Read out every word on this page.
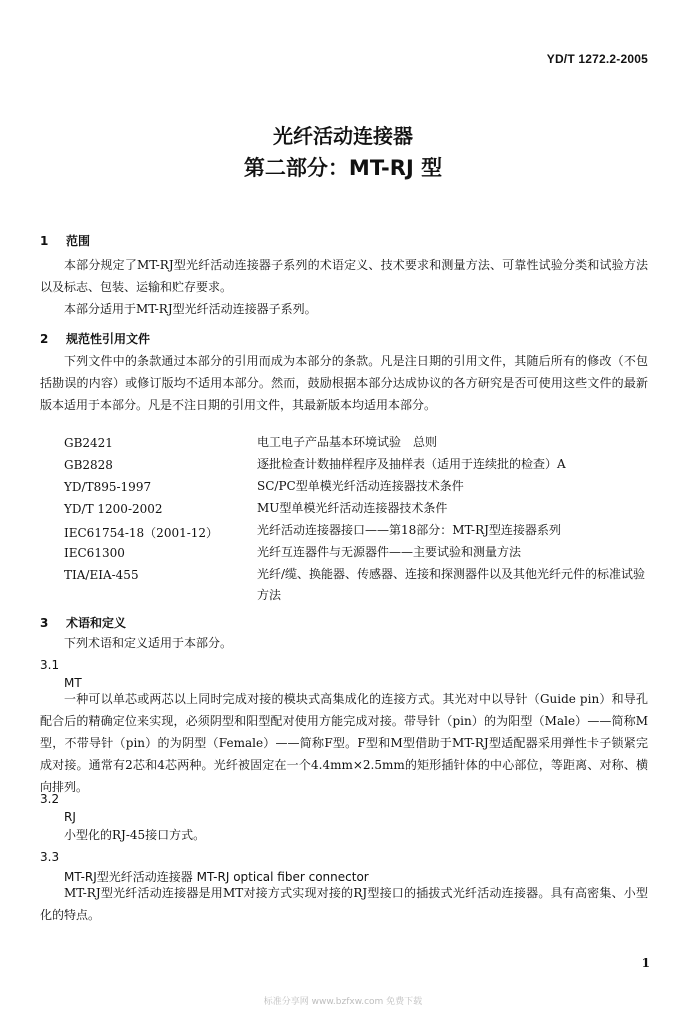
YD/T 1272.2-2005
光纤活动连接器
第二部分：MT-RJ 型
1 范围
本部分规定了MT-RJ型光纤活动连接器子系列的术语定义、技术要求和测量方法、可靠性试验分类和试验方法以及标志、包装、运输和贮存要求。
本部分适用于MT-RJ型光纤活动连接器子系列。
2 规范性引用文件
下列文件中的条款通过本部分的引用而成为本部分的条款。凡是注日期的引用文件，其随后所有的修改（不包括勘误的内容）或修订版均不适用本部分。然而，鼓励根据本部分达成协议的各方研究是否可使用这些文件的最新版本适用于本部分。凡是不注日期的引用文件，其最新版本均适用本部分。
GB2421	电工电子产品基本环境试验　总则
GB2828	逐批检查计数抽样程序及抽样表（适用于连续批的检查）A
YD/T895-1997	SC/PC型单模光纤活动连接器技术条件
YD/T 1200-2002	MU型单模光纤活动连接器技术条件
IEC61754-18（2001-12）	光纤活动连接器接口——第18部分：MT-RJ型连接器系列
IEC61300	光纤互连器件与无源器件——主要试验和测量方法
TIA/EIA-455	光纤/缆、换能器、传感器、连接和探测器件以及其他光纤元件的标准试验方法
3 术语和定义
下列术语和定义适用于本部分。
3.1
MT
一种可以单芯或两芯以上同时完成对接的模块式高集成化的连接方式。其光对中以导针（Guide pin）和导孔配合后的精确定位来实现，必须阴型和阳型配对使用方能完成对接。带导针（pin）的为阳型（Male）——简称M型，不带导针（pin）的为阴型（Female）——简称F型。F型和M型借助于MT-RJ型适配器采用弹性卡子锁紧完成对接。通常有2芯和4芯两种。光纤被固定在一个4.4mm×2.5mm的矩形插针体的中心部位，等距离、对称、横向排列。
3.2
RJ
小型化的RJ-45接口方式。
3.3
MT-RJ型光纤活动连接器 MT-RJ optical fiber connector
MT-RJ型光纤活动连接器是用MT对接方式实现对接的RJ型接口的插拔式光纤活动连接器。具有高密集、小型化的特点。
1
标准分享网 www.bzfxw.com 免费下载
